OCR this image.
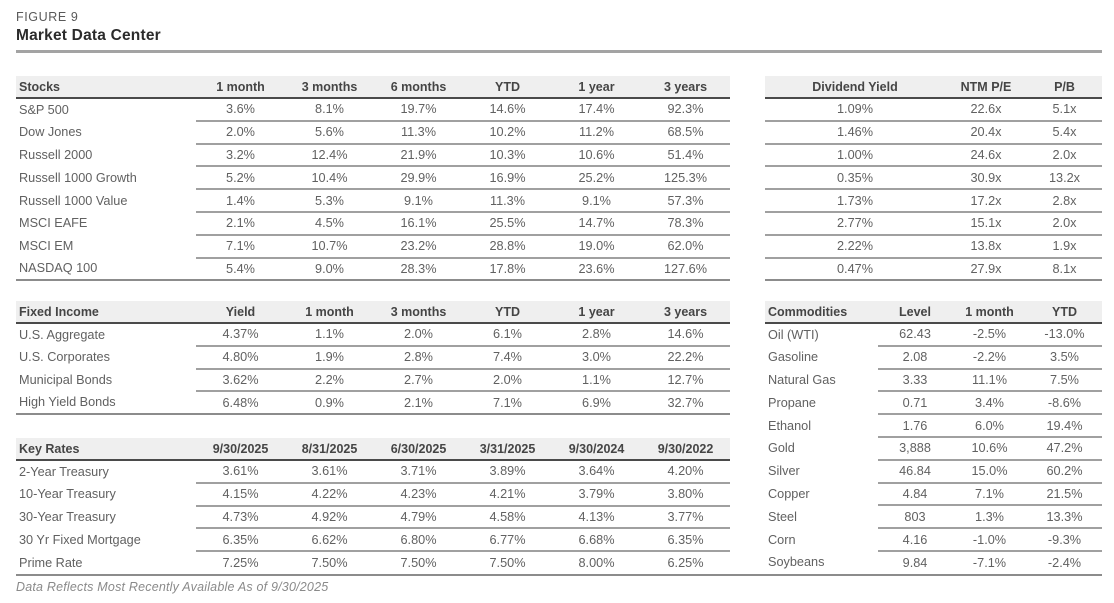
FIGURE 9
Market Data Center
Stocks	1 month	3 months	6 months	YTD	1 year	3 years
S&P 500	3.6%	8.1%	19.7%	14.6%	17.4%	92.3%
Dow Jones	2.0%	5.6%	11.3%	10.2%	11.2%	68.5%
Russell 2000	3.2%	12.4%	21.9%	10.3%	10.6%	51.4%
Russell 1000 Growth	5.2%	10.4%	29.9%	16.9%	25.2%	125.3%
Russell 1000 Value	1.4%	5.3%	9.1%	11.3%	9.1%	57.3%
MSCI EAFE	2.1%	4.5%	16.1%	25.5%	14.7%	78.3%
MSCI EM	7.1%	10.7%	23.2%	28.8%	19.0%	62.0%
NASDAQ 100	5.4%	9.0%	28.3%	17.8%	23.6%	127.6%
Dividend Yield	NTM P/E	P/B
1.09%	22.6x	5.1x
1.46%	20.4x	5.4x
1.00%	24.6x	2.0x
0.35%	30.9x	13.2x
1.73%	17.2x	2.8x
2.77%	15.1x	2.0x
2.22%	13.8x	1.9x
0.47%	27.9x	8.1x
Fixed Income	Yield	1 month	3 months	YTD	1 year	3 years
U.S. Aggregate	4.37%	1.1%	2.0%	6.1%	2.8%	14.6%
U.S. Corporates	4.80%	1.9%	2.8%	7.4%	3.0%	22.2%
Municipal Bonds	3.62%	2.2%	2.7%	2.0%	1.1%	12.7%
High Yield Bonds	6.48%	0.9%	2.1%	7.1%	6.9%	32.7%
Commodities	Level	1 month	YTD
Oil (WTI)	62.43	-2.5%	-13.0%
Gasoline	2.08	-2.2%	3.5%
Natural Gas	3.33	11.1%	7.5%
Propane	0.71	3.4%	-8.6%
Ethanol	1.76	6.0%	19.4%
Gold	3,888	10.6%	47.2%
Silver	46.84	15.0%	60.2%
Copper	4.84	7.1%	21.5%
Steel	803	1.3%	13.3%
Corn	4.16	-1.0%	-9.3%
Soybeans	9.84	-7.1%	-2.4%
Key Rates	9/30/2025	8/31/2025	6/30/2025	3/31/2025	9/30/2024	9/30/2022
2-Year Treasury	3.61%	3.61%	3.71%	3.89%	3.64%	4.20%
10-Year Treasury	4.15%	4.22%	4.23%	4.21%	3.79%	3.80%
30-Year Treasury	4.73%	4.92%	4.79%	4.58%	4.13%	3.77%
30 Yr Fixed Mortgage	6.35%	6.62%	6.80%	6.77%	6.68%	6.35%
Prime Rate	7.25%	7.50%	7.50%	7.50%	8.00%	6.25%
Data Reflects Most Recently Available As of 9/30/2025
